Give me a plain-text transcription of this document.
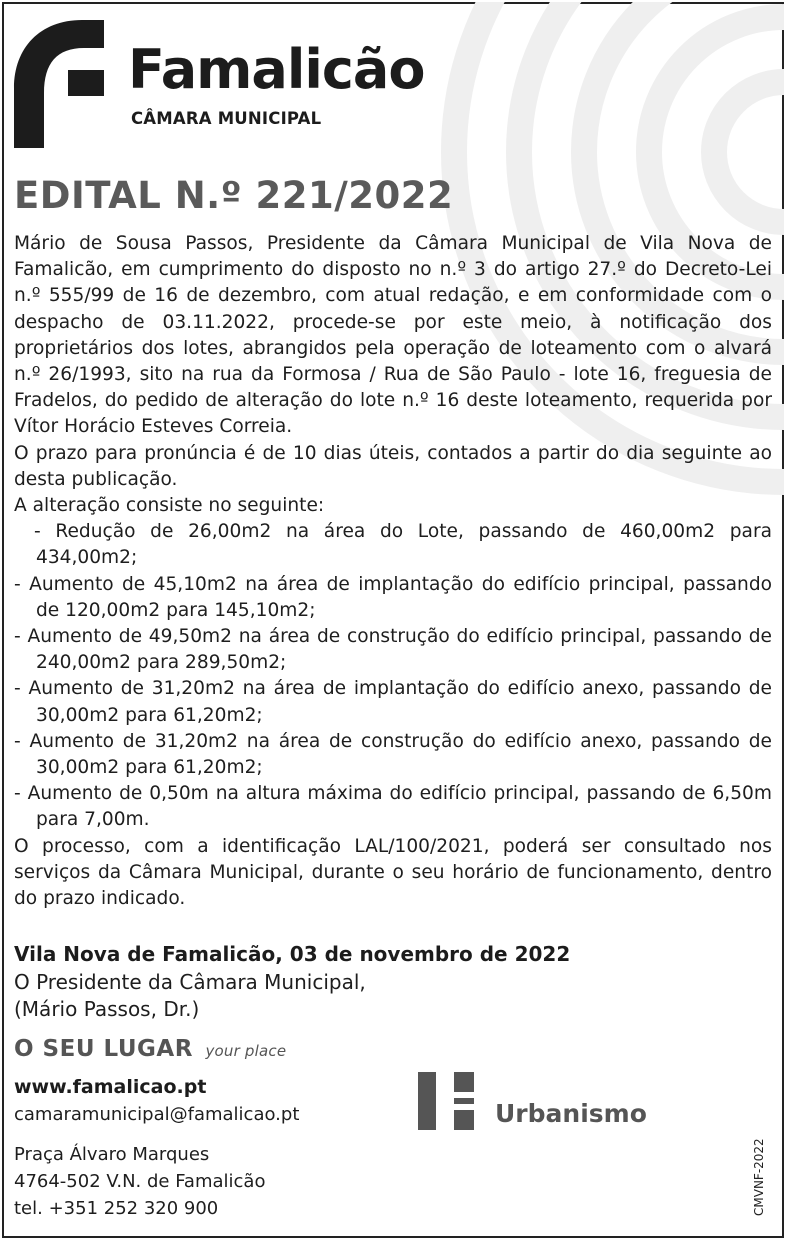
Famalicão
CÂMARA MUNICIPAL
EDITAL N.º 221/2022
Mário de Sousa Passos, Presidente da Câmara Municipal de Vila Nova de Famalicão, em cumprimento do disposto no n.º 3 do artigo 27.º do Decreto-Lei n.º 555/99 de 16 de dezembro, com atual redação, e em conformidade com o despacho de 03.11.2022, procede-se por este meio, à notificação dos proprietários dos lotes, abrangidos pela operação de loteamento com o alvará n.º 26/1993, sito na rua da Formosa / Rua de São Paulo - lote 16, freguesia de Fradelos, do pedido de alteração do lote n.º 16 deste loteamento, requerida por Vítor Horácio Esteves Correia.
O prazo para pronúncia é de 10 dias úteis, contados a partir do dia seguinte ao desta publicação.
A alteração consiste no seguinte:
- Redução de 26,00m2 na área do Lote, passando de 460,00m2 para 434,00m2;
- Aumento de 45,10m2 na área de implantação do edifício principal, passando de 120,00m2 para 145,10m2;
- Aumento de 49,50m2 na área de construção do edifício principal, passando de 240,00m2 para 289,50m2;
- Aumento de 31,20m2 na área de implantação do edifício anexo, passando de 30,00m2 para 61,20m2;
- Aumento de 31,20m2 na área de construção do edifício anexo, passando de 30,00m2 para 61,20m2;
- Aumento de 0,50m na altura máxima do edifício principal, passando de 6,50m para 7,00m.
O processo, com a identificação LAL/100/2021, poderá ser consultado nos serviços da Câmara Municipal, durante o seu horário de funcionamento, dentro do prazo indicado.
Vila Nova de Famalicão, 03 de novembro de 2022
O Presidente da Câmara Municipal,
(Mário Passos, Dr.)
O SEU LUGAR your place
www.famalicao.pt
camaramunicipal@famalicao.pt
Praça Álvaro Marques
4764-502 V.N. de Famalicão
tel. +351 252 320 900
Urbanismo
CMVNF-2022
